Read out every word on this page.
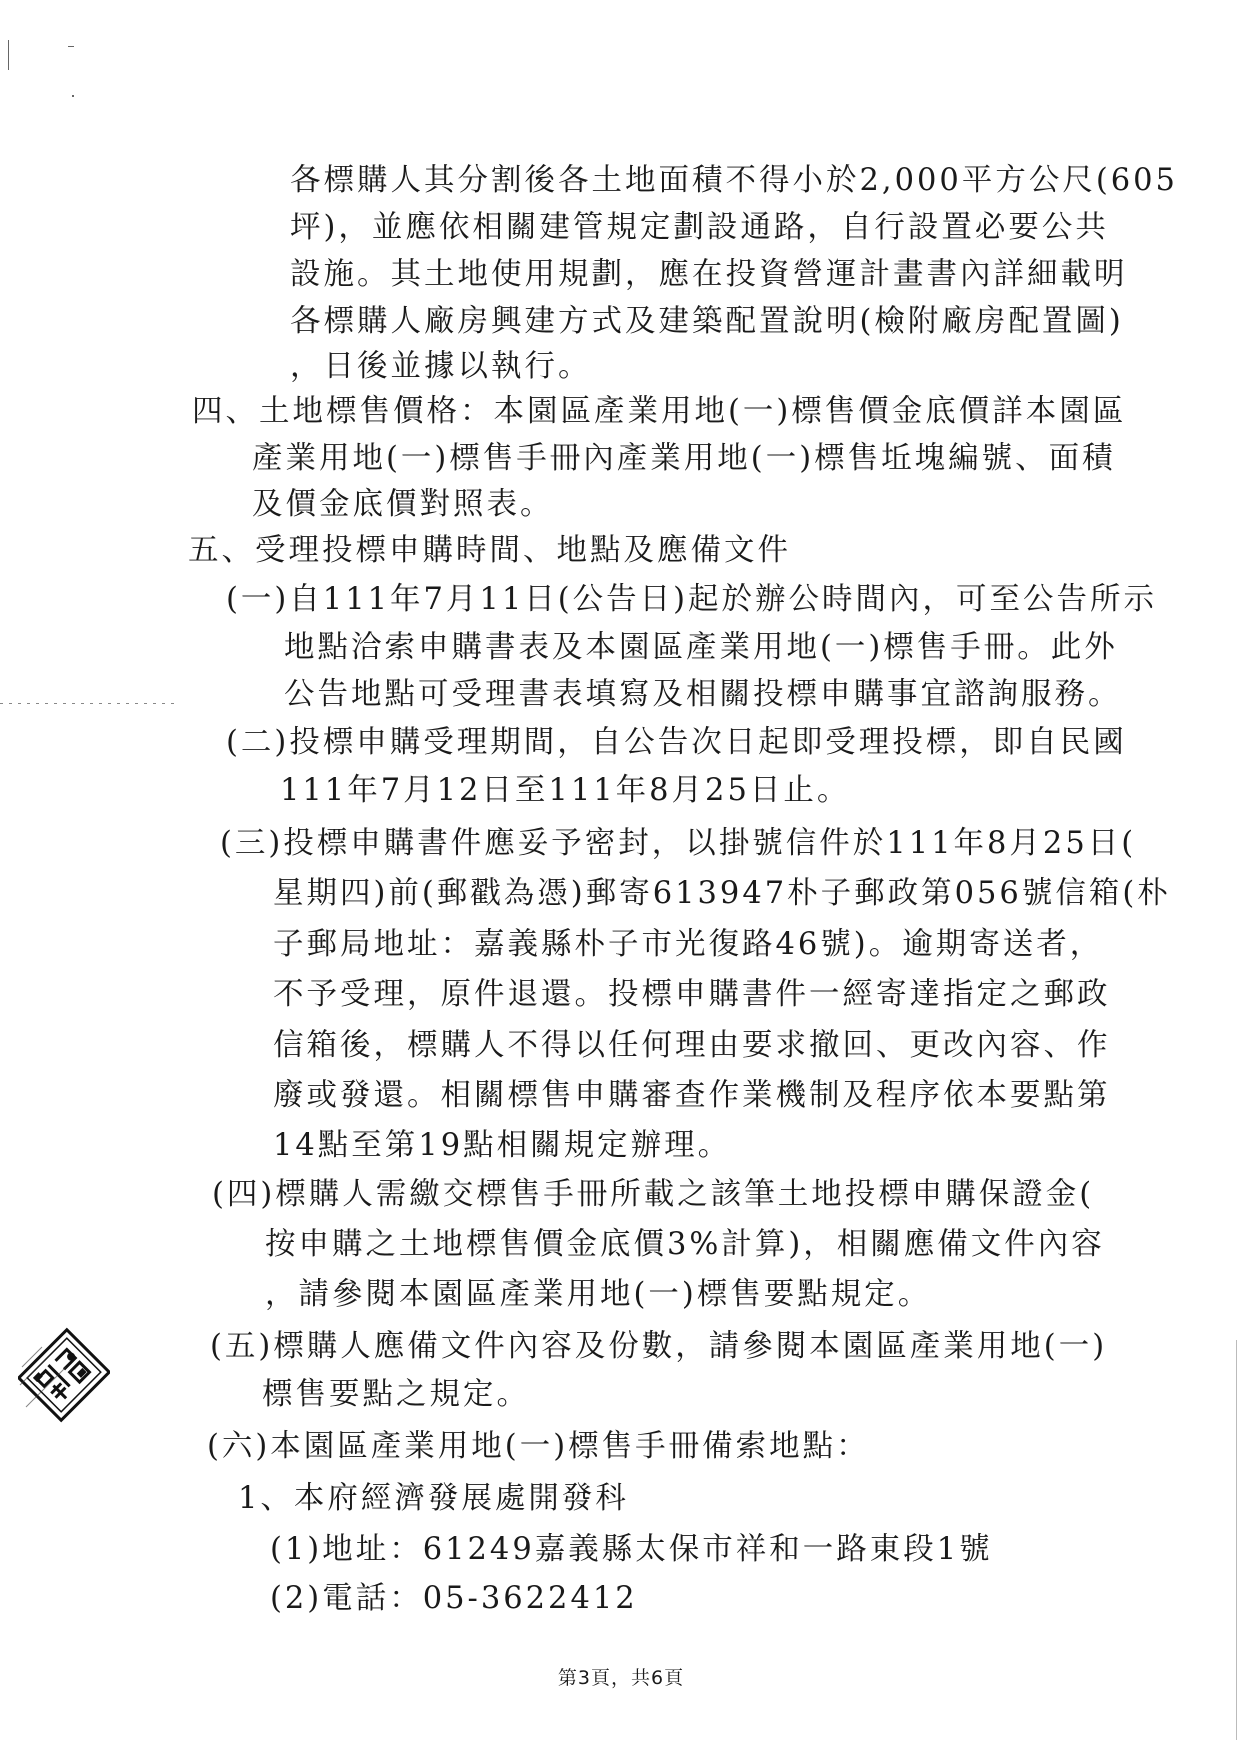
各標購人其分割後各土地面積不得小於2,000平方公尺(605
坪)，並應依相關建管規定劃設通路，自行設置必要公共
設施。其土地使用規劃，應在投資營運計畫書內詳細載明
各標購人廠房興建方式及建築配置說明(檢附廠房配置圖)
，日後並據以執行。
四、土地標售價格：本園區產業用地(一)標售價金底價詳本園區
產業用地(一)標售手冊內產業用地(一)標售坵塊編號、面積
及價金底價對照表。
五、受理投標申購時間、地點及應備文件
(一)自111年7月11日(公告日)起於辦公時間內，可至公告所示
地點洽索申購書表及本園區產業用地(一)標售手冊。此外
公告地點可受理書表填寫及相關投標申購事宜諮詢服務。
(二)投標申購受理期間，自公告次日起即受理投標，即自民國
111年7月12日至111年8月25日止。
(三)投標申購書件應妥予密封，以掛號信件於111年8月25日(
星期四)前(郵戳為憑)郵寄613947朴子郵政第056號信箱(朴
子郵局地址：嘉義縣朴子市光復路46號)。逾期寄送者，
不予受理，原件退還。投標申購書件一經寄達指定之郵政
信箱後，標購人不得以任何理由要求撤回、更改內容、作
廢或發還。相關標售申購審查作業機制及程序依本要點第
14點至第19點相關規定辦理。
(四)標購人需繳交標售手冊所載之該筆土地投標申購保證金(
按申購之土地標售價金底價3%計算)，相關應備文件內容
，請參閱本園區產業用地(一)標售要點規定。
(五)標購人應備文件內容及份數，請參閱本園區產業用地(一)
標售要點之規定。
(六)本園區產業用地(一)標售手冊備索地點：
1、本府經濟發展處開發科
(1)地址：61249嘉義縣太保市祥和一路東段1號
(2)電話：05-3622412
第3頁，共6頁
